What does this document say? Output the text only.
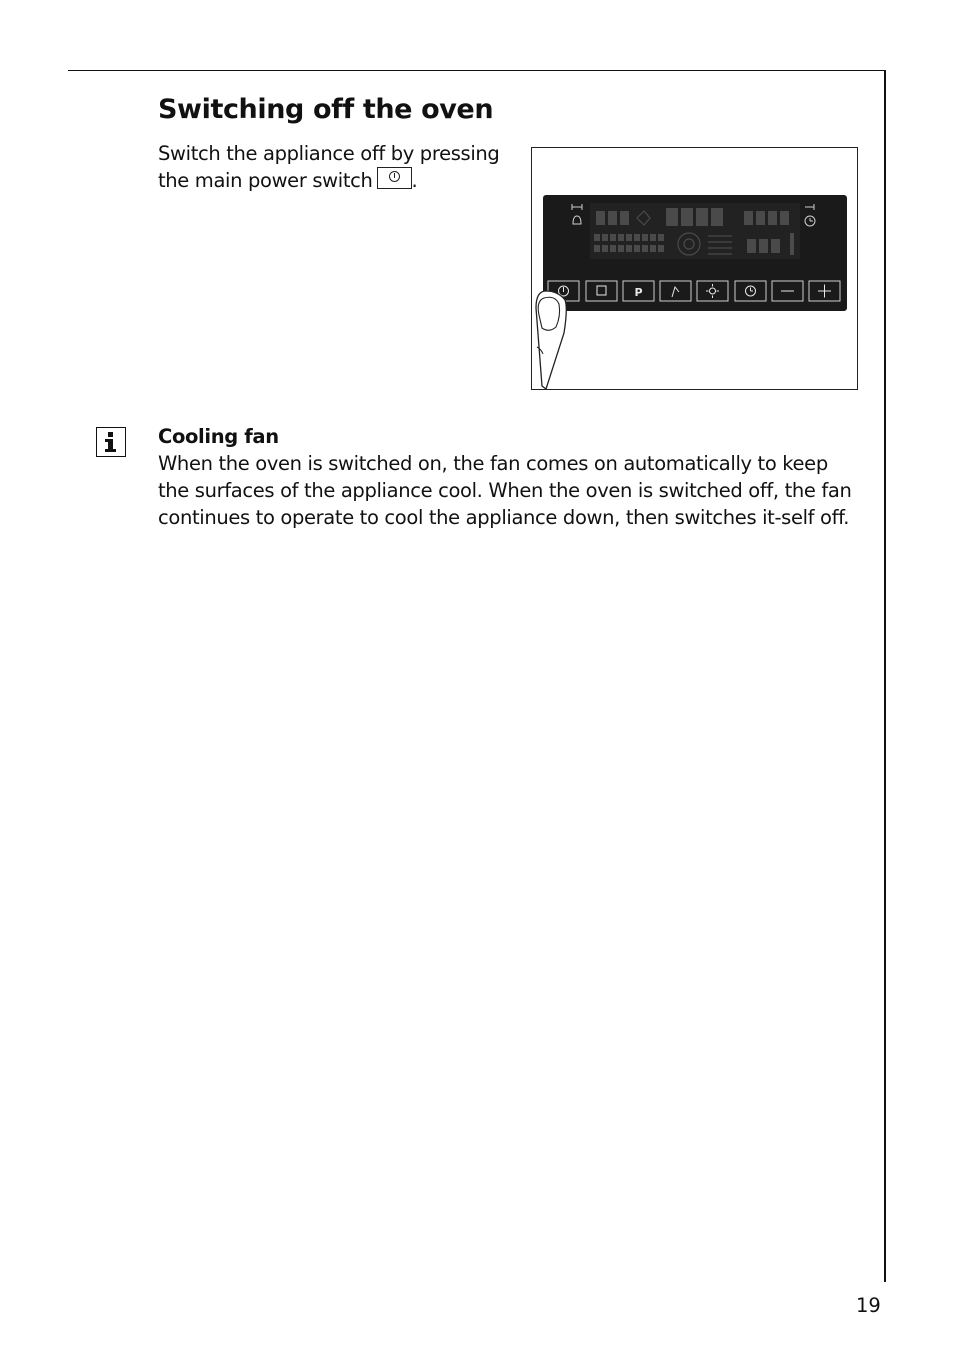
Switching off the oven
Switch the appliance off by pressing the main power switch .
P
Cooling fan
When the oven is switched on, the fan comes on automatically to keep the surfaces of the appliance cool. When the oven is switched off, the fan continues to operate to cool the appliance down, then switches it-self off.
19
